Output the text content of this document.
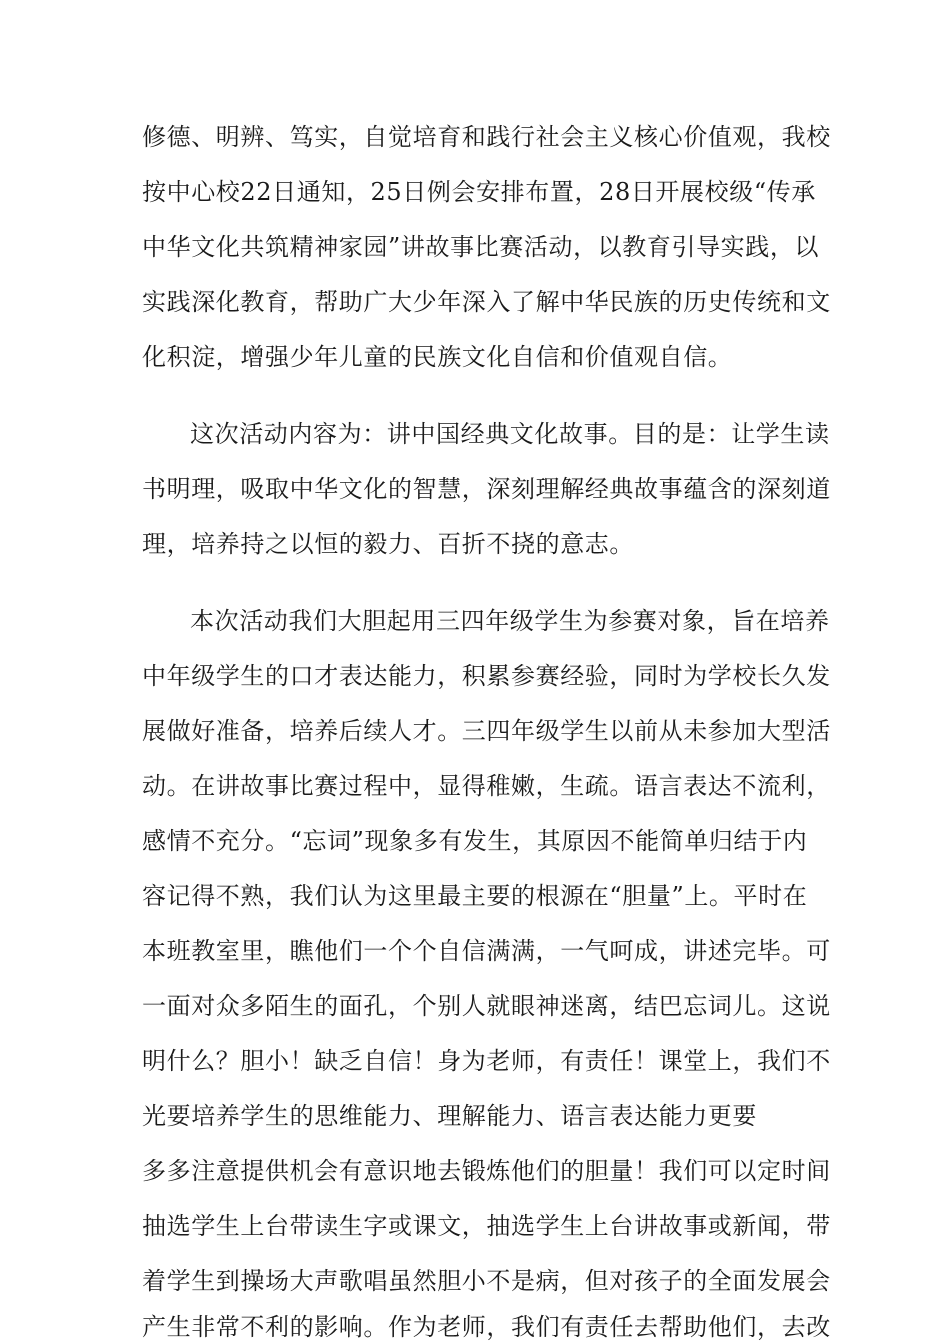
修德、明辨、笃实，自觉培育和践行社会主义核心价值观，我校

按中心校22日通知，25日例会安排布置，28日开展校级“传承

中华文化共筑精神家园”讲故事比赛活动，以教育引导实践，以

实践深化教育，帮助广大少年深入了解中华民族的历史传统和文

化积淀，增强少年儿童的民族文化自信和价值观自信。

这次活动内容为：讲中国经典文化故事。目的是：让学生读

书明理，吸取中华文化的智慧，深刻理解经典故事蕴含的深刻道

理，培养持之以恒的毅力、百折不挠的意志。

本次活动我们大胆起用三四年级学生为参赛对象，旨在培养

中年级学生的口才表达能力，积累参赛经验，同时为学校长久发

展做好准备，培养后续人才。三四年级学生以前从未参加大型活

动。在讲故事比赛过程中，显得稚嫩，生疏。语言表达不流利，

感情不充分。“忘词”现象多有发生，其原因不能简单归结于内

容记得不熟，我们认为这里最主要的根源在“胆量”上。平时在

本班教室里，瞧他们一个个自信满满，一气呵成，讲述完毕。可

一面对众多陌生的面孔，个别人就眼神迷离，结巴忘词儿。这说

明什么？胆小！缺乏自信！身为老师，有责任！课堂上，我们不

光要培养学生的思维能力、理解能力、语言表达能力更要

多多注意提供机会有意识地去锻炼他们的胆量！我们可以定时间

抽选学生上台带读生字或课文，抽选学生上台讲故事或新闻，带

着学生到操场大声歌唱虽然胆小不是病，但对孩子的全面发展会

产生非常不利的影响。作为老师，我们有责任去帮助他们，去改
